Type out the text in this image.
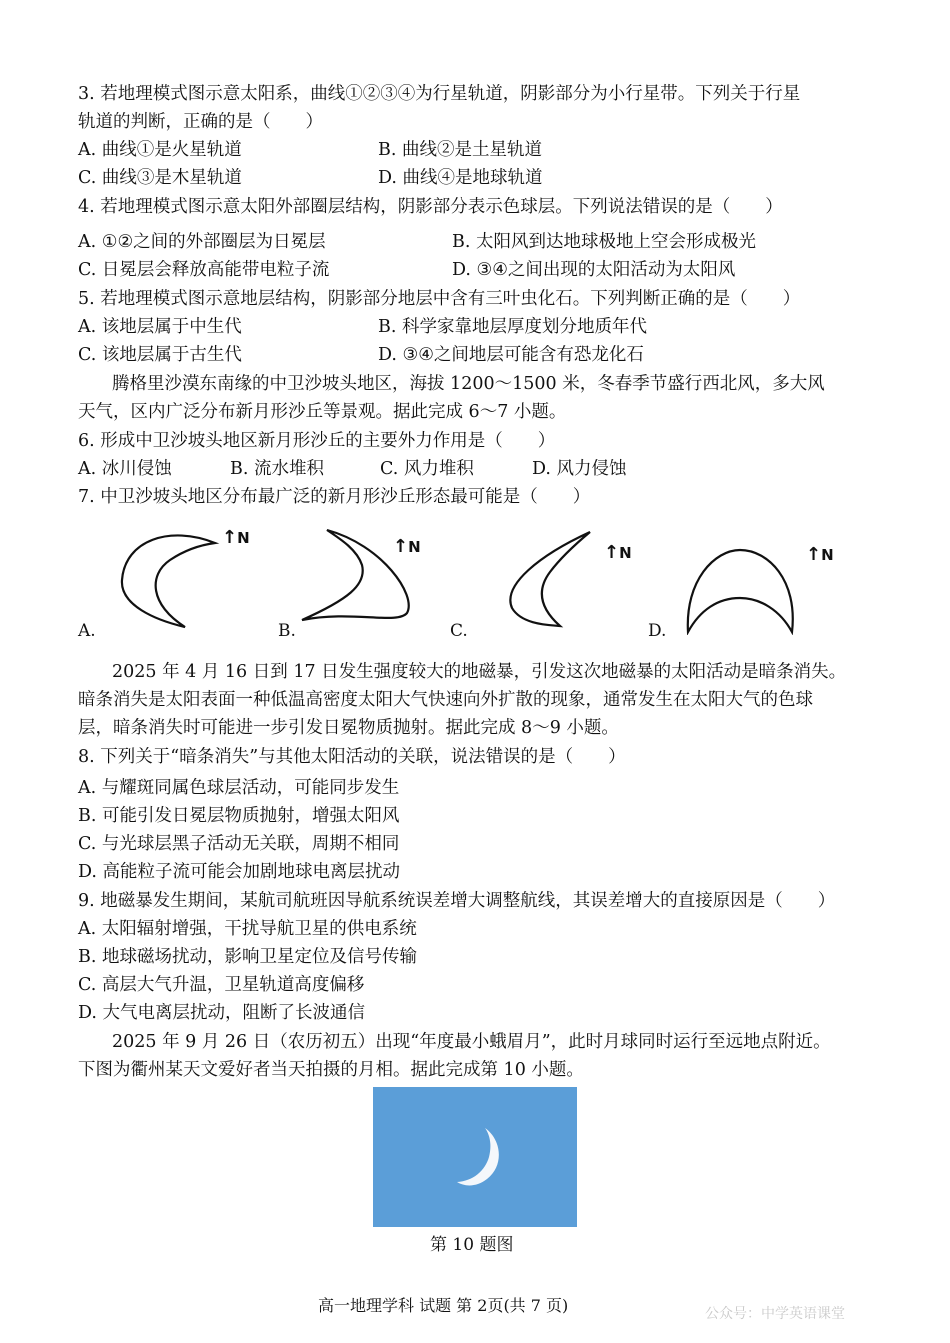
3. 若地理模式图示意太阳系，曲线①②③④为行星轨道，阴影部分为小行星带。下列关于行星
轨道的判断，正确的是（　　）
A. 曲线①是火星轨道	B. 曲线②是土星轨道
C. 曲线③是木星轨道	D. 曲线④是地球轨道
4. 若地理模式图示意太阳外部圈层结构，阴影部分表示色球层。下列说法错误的是（　　）
A. ①②之间的外部圈层为日冕层	B. 太阳风到达地球极地上空会形成极光
C. 日冕层会释放高能带电粒子流	D. ③④之间出现的太阳活动为太阳风
5. 若地理模式图示意地层结构，阴影部分地层中含有三叶虫化石。下列判断正确的是（　　）
A. 该地层属于中生代	B. 科学家靠地层厚度划分地质年代
C. 该地层属于古生代	D. ③④之间地层可能含有恐龙化石
腾格里沙漠东南缘的中卫沙坡头地区，海拔 1200～1500 米，冬春季节盛行西北风，多大风
天气，区内广泛分布新月形沙丘等景观。据此完成 6～7 小题。
6. 形成中卫沙坡头地区新月形沙丘的主要外力作用是（　　）
A. 冰川侵蚀	B. 流水堆积	C. 风力堆积	D. 风力侵蚀
7. 中卫沙坡头地区分布最广泛的新月形沙丘形态最可能是（　　）
↑N
A.
↑N
B.
↑N
C.
↑N
D.
2025 年 4 月 16 日到 17 日发生强度较大的地磁暴，引发这次地磁暴的太阳活动是暗条消失。
暗条消失是太阳表面一种低温高密度太阳大气快速向外扩散的现象，通常发生在太阳大气的色球
层，暗条消失时可能进一步引发日冕物质抛射。据此完成 8～9 小题。
8. 下列关于“暗条消失”与其他太阳活动的关联，说法错误的是（　　）
A. 与耀斑同属色球层活动，可能同步发生
B. 可能引发日冕层物质抛射，增强太阳风
C. 与光球层黑子活动无关联，周期不相同
D. 高能粒子流可能会加剧地球电离层扰动
9. 地磁暴发生期间，某航司航班因导航系统误差增大调整航线，其误差增大的直接原因是（　　）
A. 太阳辐射增强，干扰导航卫星的供电系统
B. 地球磁场扰动，影响卫星定位及信号传输
C. 高层大气升温，卫星轨道高度偏移
D. 大气电离层扰动，阻断了长波通信
2025 年 9 月 26 日（农历初五）出现“年度最小蛾眉月”，此时月球同时运行至远地点附近。
下图为衢州某天文爱好者当天拍摄的月相。据此完成第 10 小题。
第 10 题图
高一地理学科 试题 第 2页(共 7 页)	公众号：中学英语课堂
